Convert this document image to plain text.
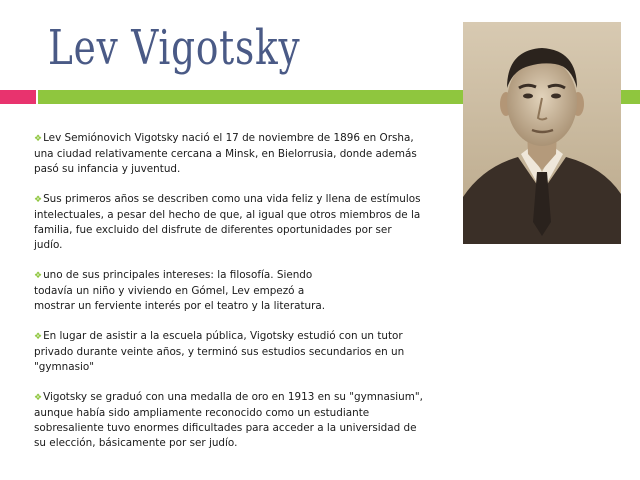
Lev Vigotsky

❖Lev Semiónovich Vigotsky nació el 17 de noviembre de 1896 en Orsha,
una ciudad relativamente cercana a Minsk, en Bielorrusia, donde además
pasó su infancia y juventud.

❖Sus primeros años se describen como una vida feliz y llena de estímulos
intelectuales, a pesar del hecho de que, al igual que otros miembros de la
familia, fue excluido del disfrute de diferentes oportunidades por ser
judío.

❖uno de sus principales intereses: la filosofía. Siendo
todavía un niño y viviendo en Gómel, Lev empezó a
mostrar un ferviente interés por el teatro y la literatura.

❖En lugar de asistir a la escuela pública, Vigotsky estudió con un tutor
privado durante veinte años, y terminó sus estudios secundarios en un
"gymnasio"

❖Vigotsky se graduó con una medalla de oro en 1913 en su "gymnasium",
aunque había sido ampliamente reconocido como un estudiante
sobresaliente tuvo enormes dificultades para acceder a la universidad de
su elección, básicamente por ser judío.
